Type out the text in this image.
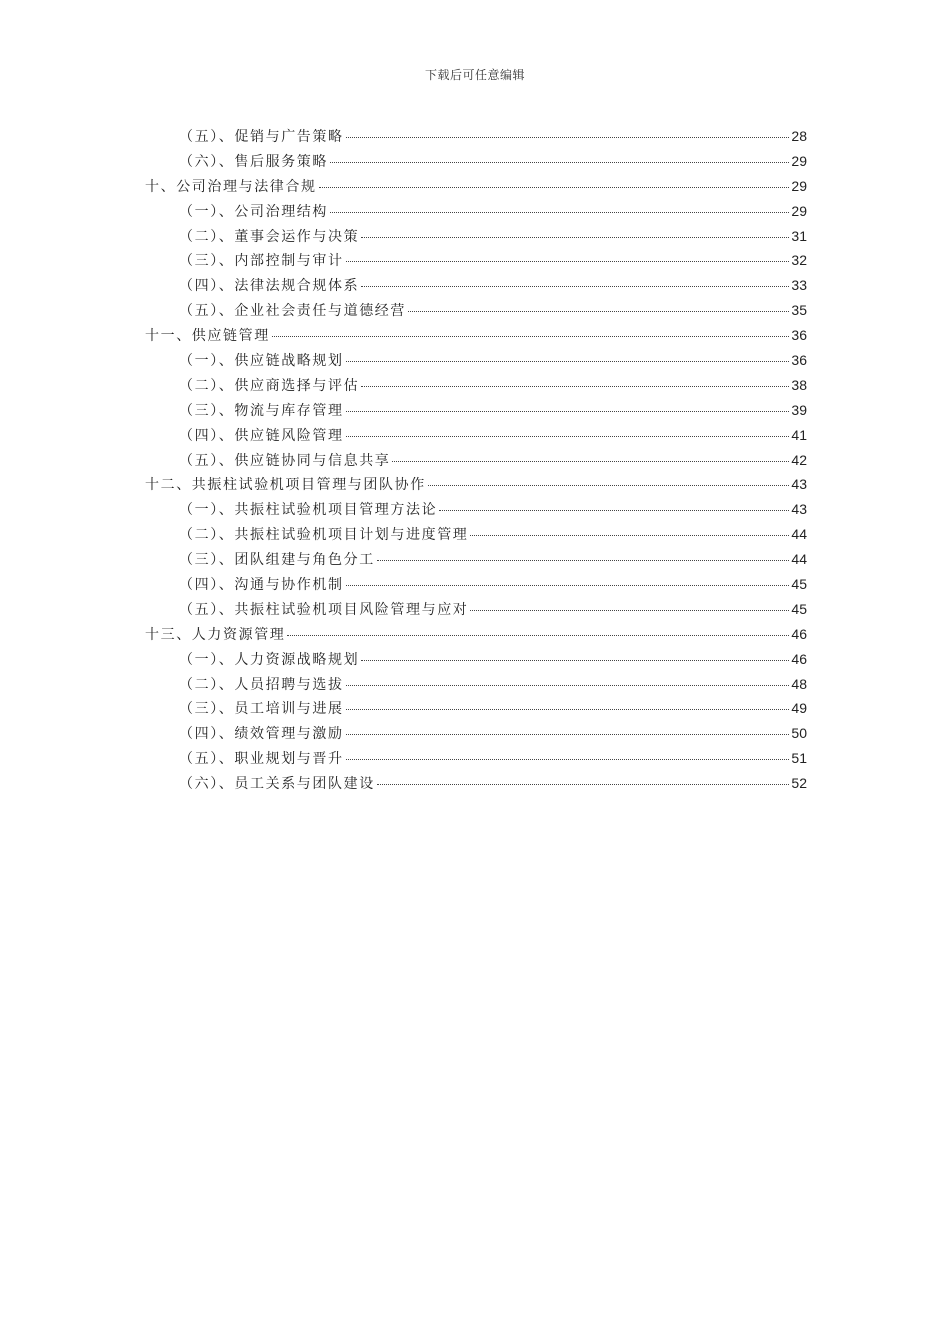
下载后可任意编辑
（五）、促销与广告策略	28
（六）、售后服务策略	29
十、公司治理与法律合规	29
（一）、公司治理结构	29
（二）、董事会运作与决策	31
（三）、内部控制与审计	32
（四）、法律法规合规体系	33
（五）、企业社会责任与道德经营	35
十一、供应链管理	36
（一）、供应链战略规划	36
（二）、供应商选择与评估	38
（三）、物流与库存管理	39
（四）、供应链风险管理	41
（五）、供应链协同与信息共享	42
十二、共振柱试验机项目管理与团队协作	43
（一）、共振柱试验机项目管理方法论	43
（二）、共振柱试验机项目计划与进度管理	44
（三）、团队组建与角色分工	44
（四）、沟通与协作机制	45
（五）、共振柱试验机项目风险管理与应对	45
十三、人力资源管理	46
（一）、人力资源战略规划	46
（二）、人员招聘与选拔	48
（三）、员工培训与进展	49
（四）、绩效管理与激励	50
（五）、职业规划与晋升	51
（六）、员工关系与团队建设	52
